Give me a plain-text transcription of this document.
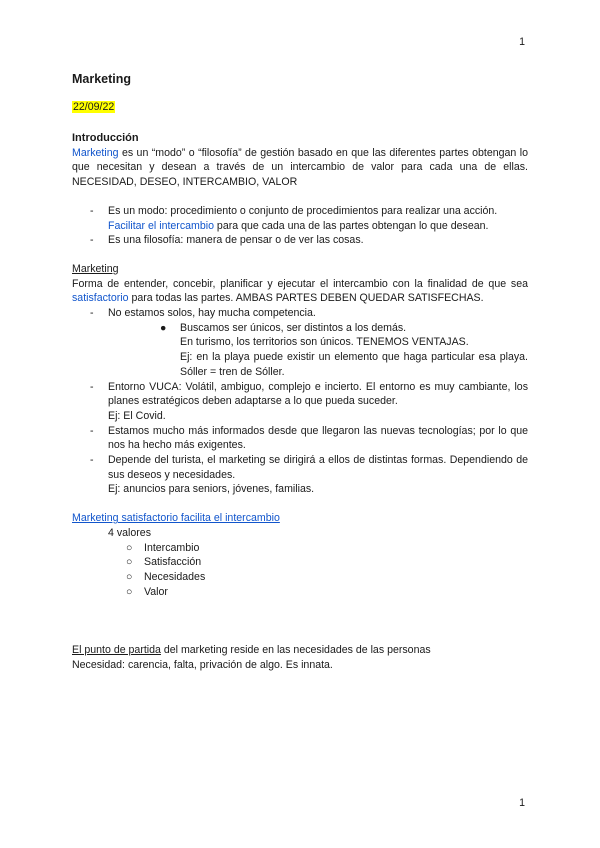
1
Marketing
22/09/22
Introducción
Marketing es un “modo” o “filosofía” de gestión basado en que las diferentes partes obtengan lo que necesitan y desean a través de un intercambio de valor para cada una de ellas. NECESIDAD, DESEO, INTERCAMBIO, VALOR
- Es un modo: procedimiento o conjunto de procedimientos para realizar una acción.
Facilitar el intercambio para que cada una de las partes obtengan lo que desean.
- Es una filosofía: manera de pensar o de ver las cosas.
Marketing
Forma de entender, concebir, planificar y ejecutar el intercambio con la finalidad de que sea satisfactorio para todas las partes. AMBAS PARTES DEBEN QUEDAR SATISFECHAS.
- No estamos solos, hay mucha competencia.
● Buscamos ser únicos, ser distintos a los demás.
En turismo, los territorios son únicos. TENEMOS VENTAJAS.
Ej: en la playa puede existir un elemento que haga particular esa playa. Sóller = tren de Sóller.
- Entorno VUCA: Volátil, ambiguo, complejo e incierto. El entorno es muy cambiante, los planes estratégicos deben adaptarse a lo que pueda suceder.
Ej: El Covid.
- Estamos mucho más informados desde que llegaron las nuevas tecnologías; por lo que nos ha hecho más exigentes.
- Depende del turista, el marketing se dirigirá a ellos de distintas formas. Dependiendo de sus deseos y necesidades.
Ej: anuncios para seniors, jóvenes, familias.
Marketing satisfactorio facilita el intercambio
4 valores
○ Intercambio
○ Satisfacción
○ Necesidades
○ Valor
El punto de partida del marketing reside en las necesidades de las personas
Necesidad: carencia, falta, privación de algo. Es innata.
1
